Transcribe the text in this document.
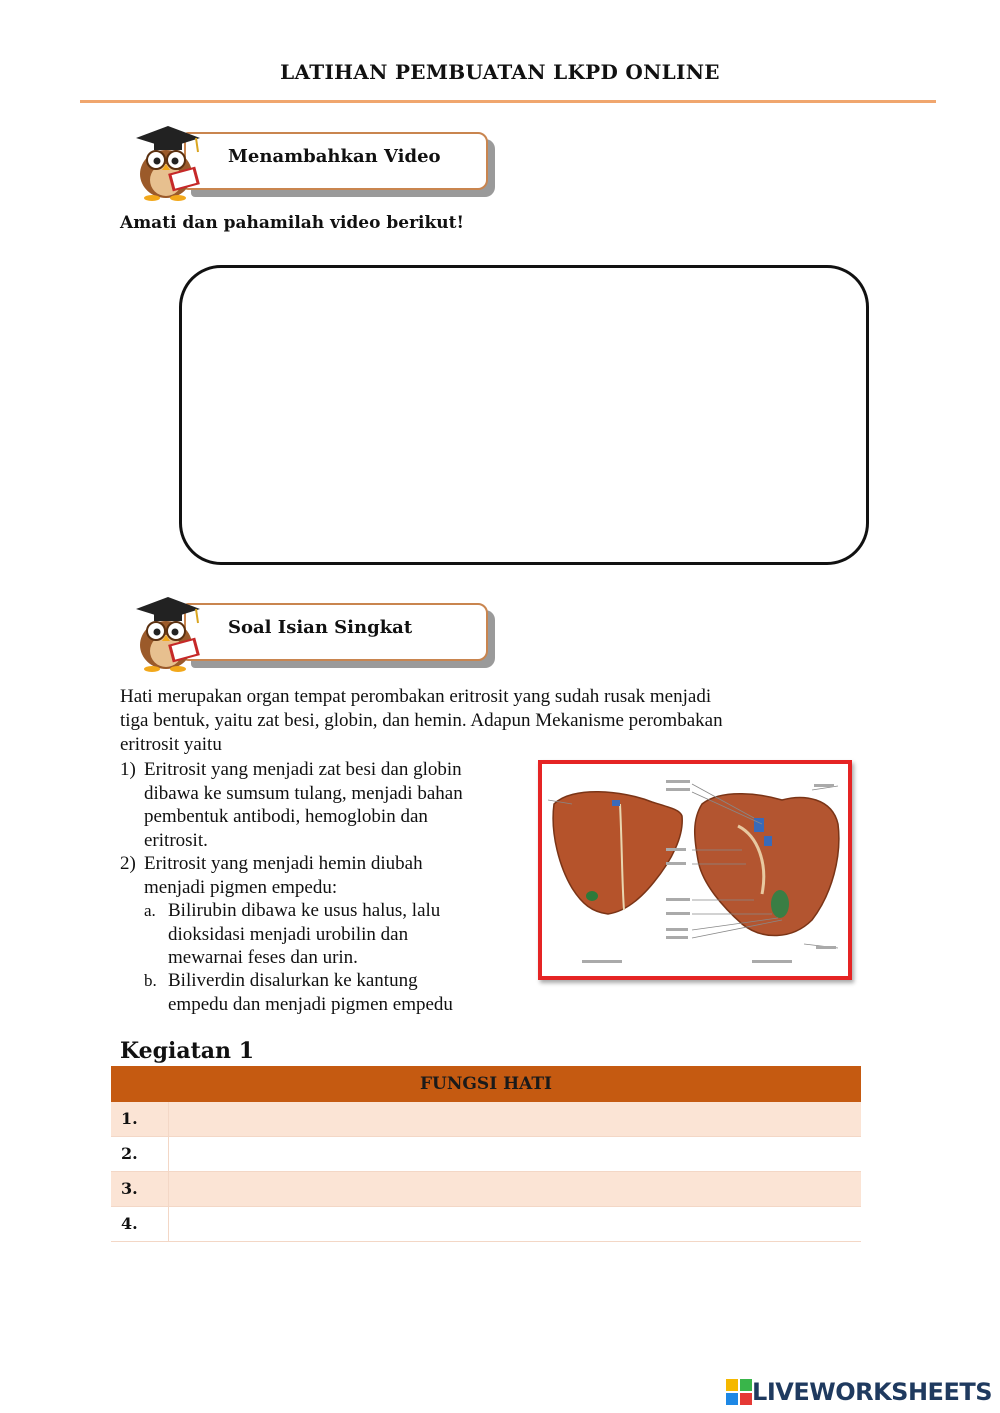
LATIHAN PEMBUATAN LKPD ONLINE
Menambahkan Video
Amati dan pahamilah video berikut!
Soal Isian Singkat
Hati merupakan organ tempat perombakan eritrosit yang sudah rusak menjadi
tiga bentuk, yaitu zat besi, globin, dan hemin. Adapun Mekanisme perombakan
eritrosit yaitu
1) Eritrosit yang menjadi zat besi dan globin
dibawa ke sumsum tulang, menjadi bahan
pembentuk antibodi, hemoglobin dan
eritrosit.
2) Eritrosit yang menjadi hemin diubah
menjadi pigmen empedu:
a. Bilirubin dibawa ke usus halus, lalu
dioksidasi menjadi urobilin dan
mewarnai feses dan urin.
b. Biliverdin disalurkan ke kantung
empedu dan menjadi pigmen empedu
Kegiatan 1
FUNGSI HATI
1.
2.
3.
4.
LIVEWORKSHEETS
